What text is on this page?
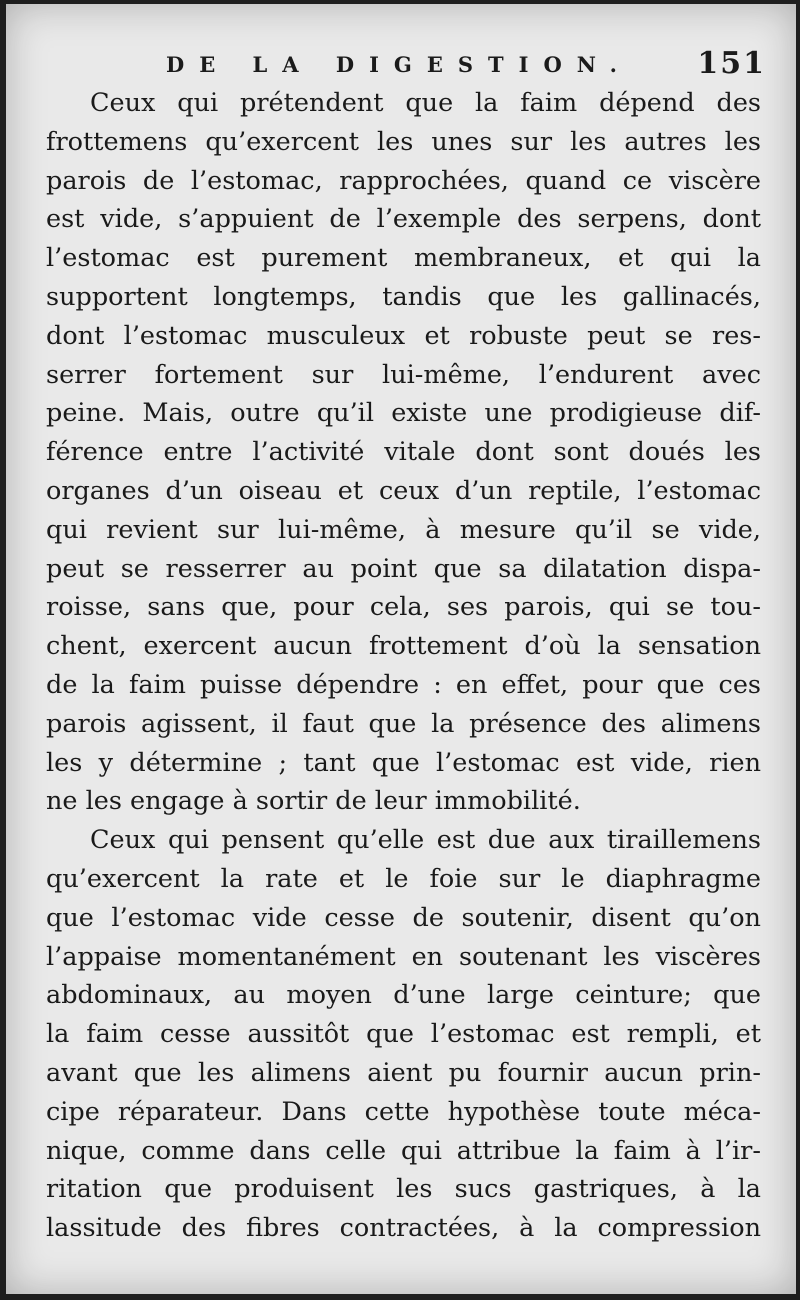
DE LA DIGESTION. 151
Ceux qui prétendent que la faim dépend des
frottemens qu’exercent les unes sur les autres les
parois de l’estomac, rapprochées, quand ce viscère
est vide, s’appuient de l’exemple des serpens, dont
l’estomac est purement membraneux, et qui la
supportent longtemps, tandis que les gallinacés,
dont l’estomac musculeux et robuste peut se res-
serrer fortement sur lui-même, l’endurent avec
peine. Mais, outre qu’il existe une prodigieuse dif-
férence entre l’activité vitale dont sont doués les
organes d’un oiseau et ceux d’un reptile, l’estomac
qui revient sur lui-même, à mesure qu’il se vide,
peut se resserrer au point que sa dilatation dispa-
roisse, sans que, pour cela, ses parois, qui se tou-
chent, exercent aucun frottement d’où la sensation
de la faim puisse dépendre : en effet, pour que ces
parois agissent, il faut que la présence des alimens
les y détermine ; tant que l’estomac est vide, rien
ne les engage à sortir de leur immobilité.
Ceux qui pensent qu’elle est due aux tiraillemens
qu’exercent la rate et le foie sur le diaphragme
que l’estomac vide cesse de soutenir, disent qu’on
l’appaise momentanément en soutenant les viscères
abdominaux, au moyen d’une large ceinture; que
la faim cesse aussitôt que l’estomac est rempli, et
avant que les alimens aient pu fournir aucun prin-
cipe réparateur. Dans cette hypothèse toute méca-
nique, comme dans celle qui attribue la faim à l’ir-
ritation que produisent les sucs gastriques, à la
lassitude des fibres contractées, à la compression
